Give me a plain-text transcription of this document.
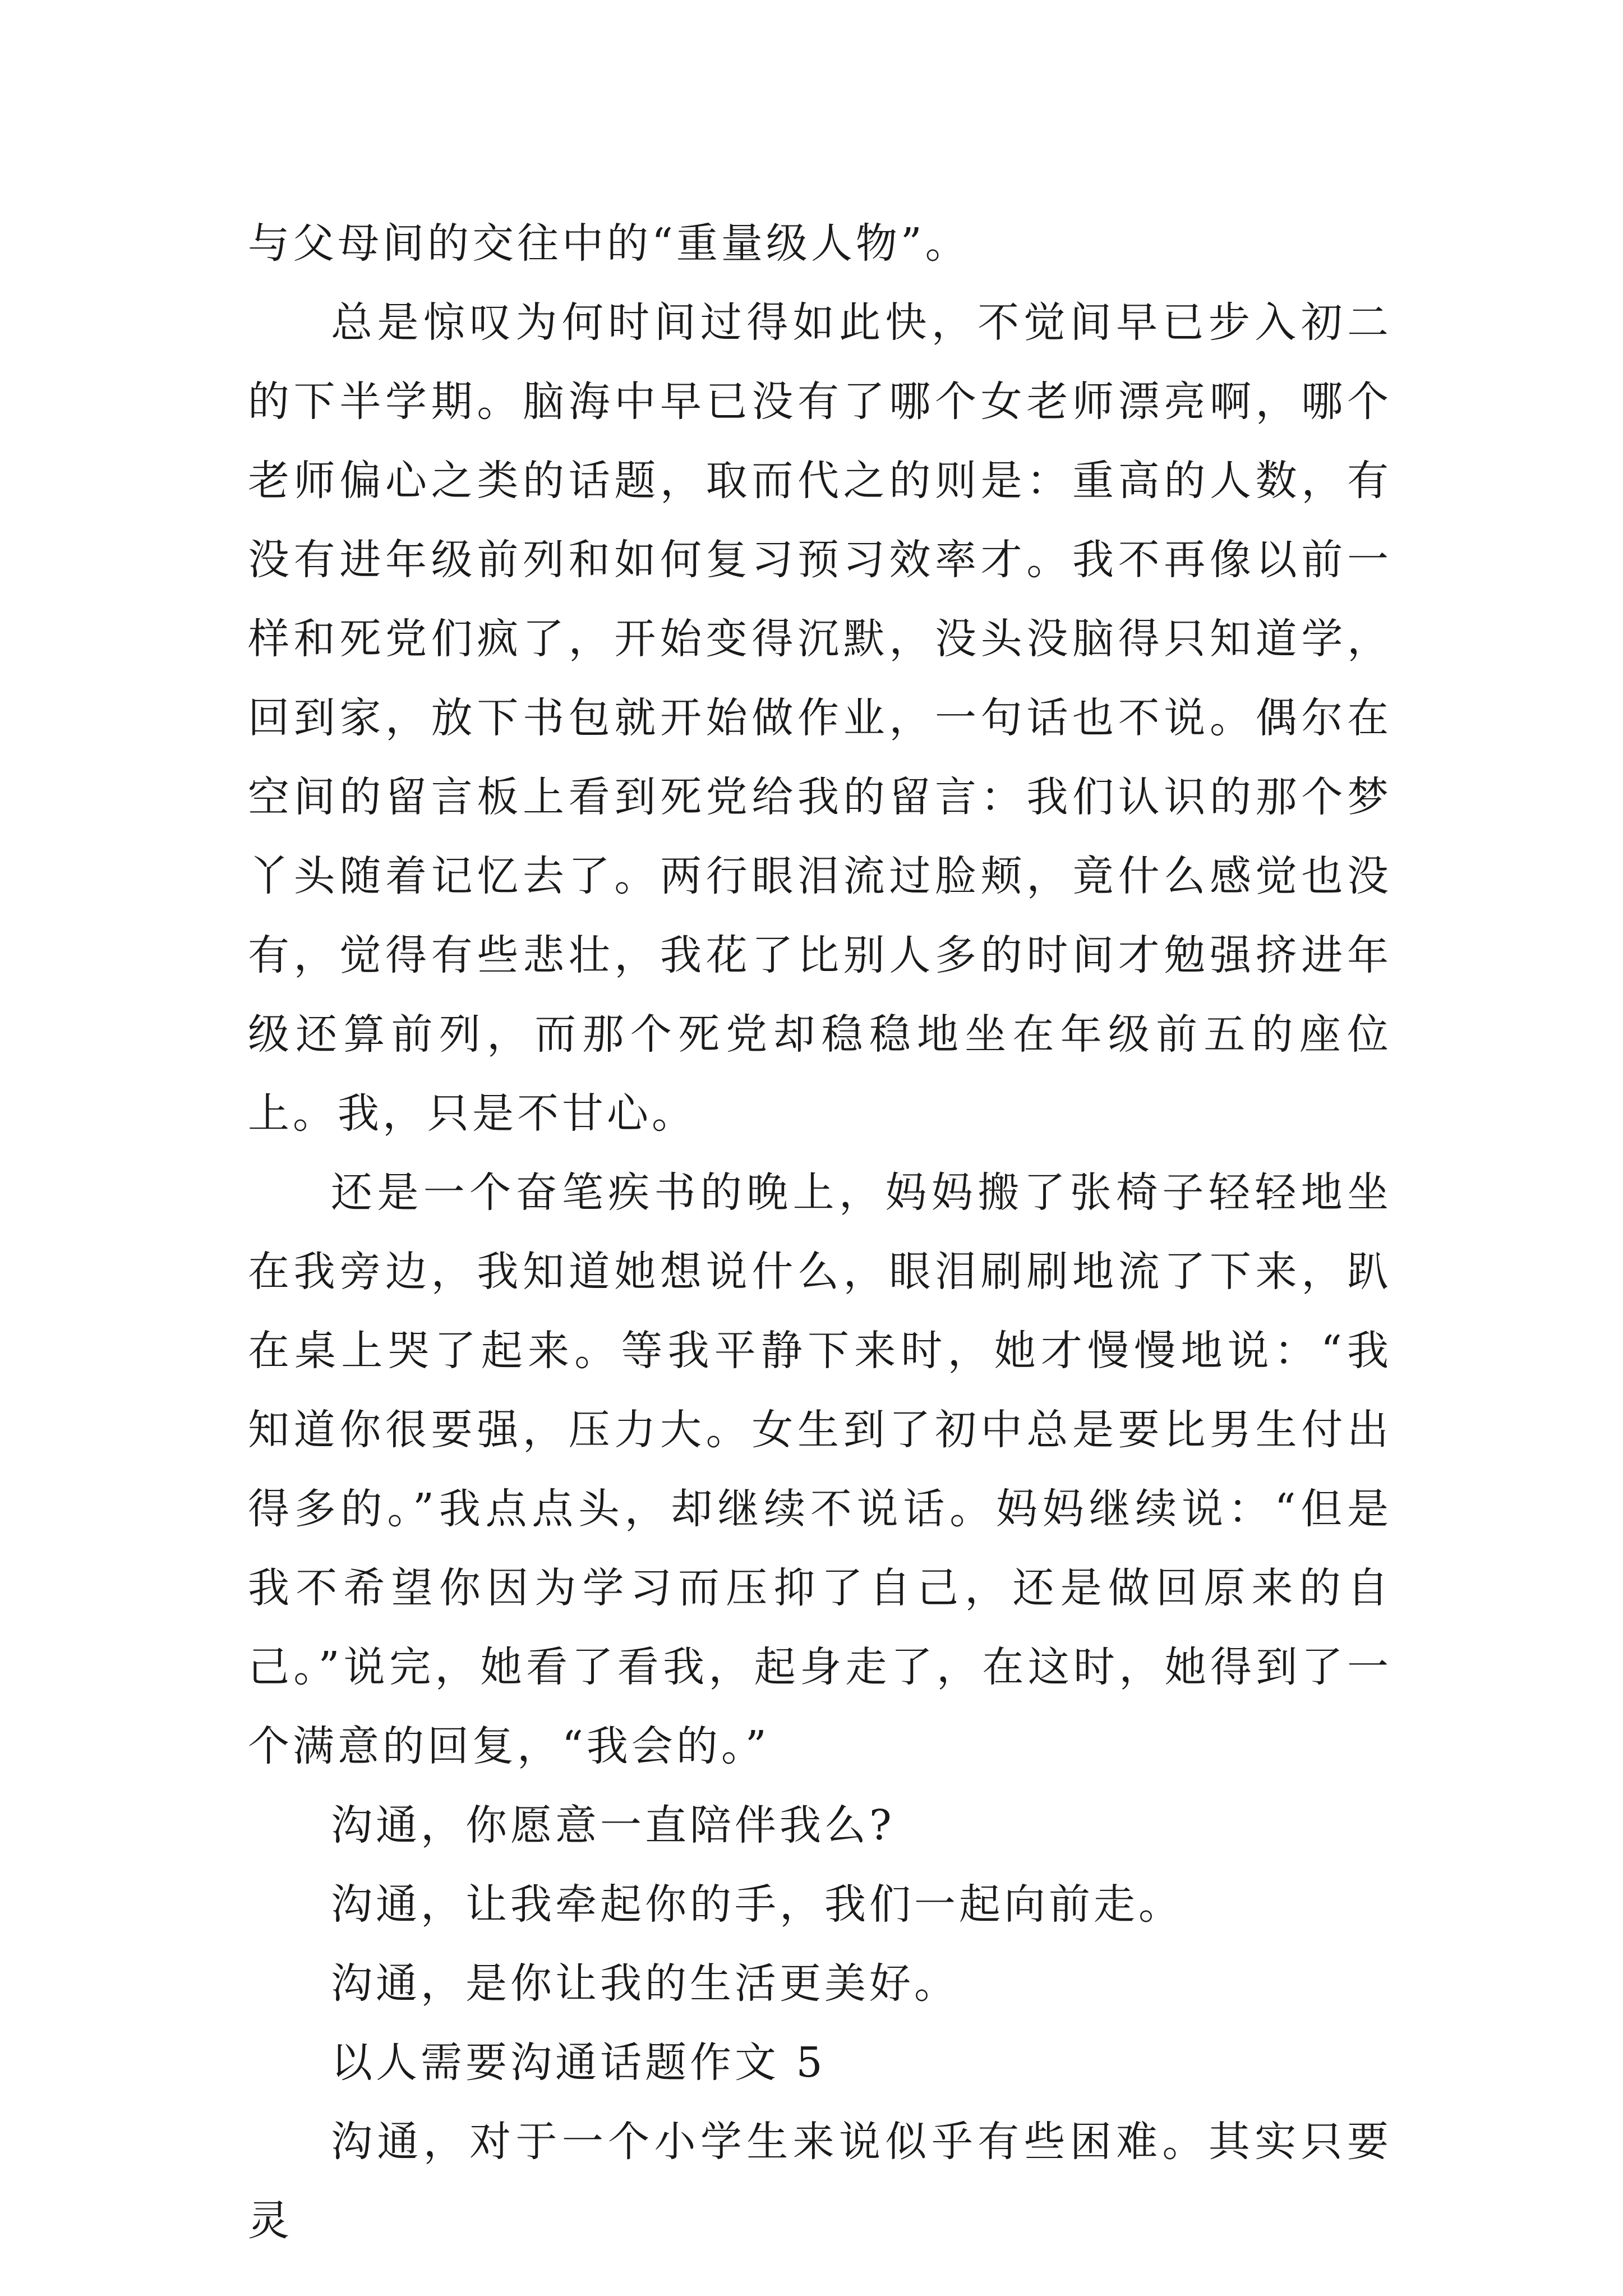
与父母间的交往中的“重量级人物”。

总是惊叹为何时间过得如此快，不觉间早已步入初二的下半学期。脑海中早已没有了哪个女老师漂亮啊，哪个老师偏心之类的话题，取而代之的则是：重高的人数，有没有进年级前列和如何复习预习效率才。我不再像以前一样和死党们疯了，开始变得沉默，没头没脑得只知道学，回到家，放下书包就开始做作业，一句话也不说。偶尔在空间的留言板上看到死党给我的留言：我们认识的那个梦丫头随着记忆去了。两行眼泪流过脸颊，竟什么感觉也没有，觉得有些悲壮，我花了比别人多的时间才勉强挤进年级还算前列，而那个死党却稳稳地坐在年级前五的座位上。我，只是不甘心。

还是一个奋笔疾书的晚上，妈妈搬了张椅子轻轻地坐在我旁边，我知道她想说什么，眼泪刷刷地流了下来，趴在桌上哭了起来。等我平静下来时，她才慢慢地说：“我知道你很要强，压力大。女生到了初中总是要比男生付出得多的。”我点点头，却继续不说话。妈妈继续说：“但是我不希望你因为学习而压抑了自己，还是做回原来的自己。”说完，她看了看我，起身走了，在这时，她得到了一个满意的回复，“我会的。”

沟通，你愿意一直陪伴我么?

沟通，让我牵起你的手，我们一起向前走。

沟通，是你让我的生活更美好。

以人需要沟通话题作文 5

沟通，对于一个小学生来说似乎有些困难。其实只要灵
